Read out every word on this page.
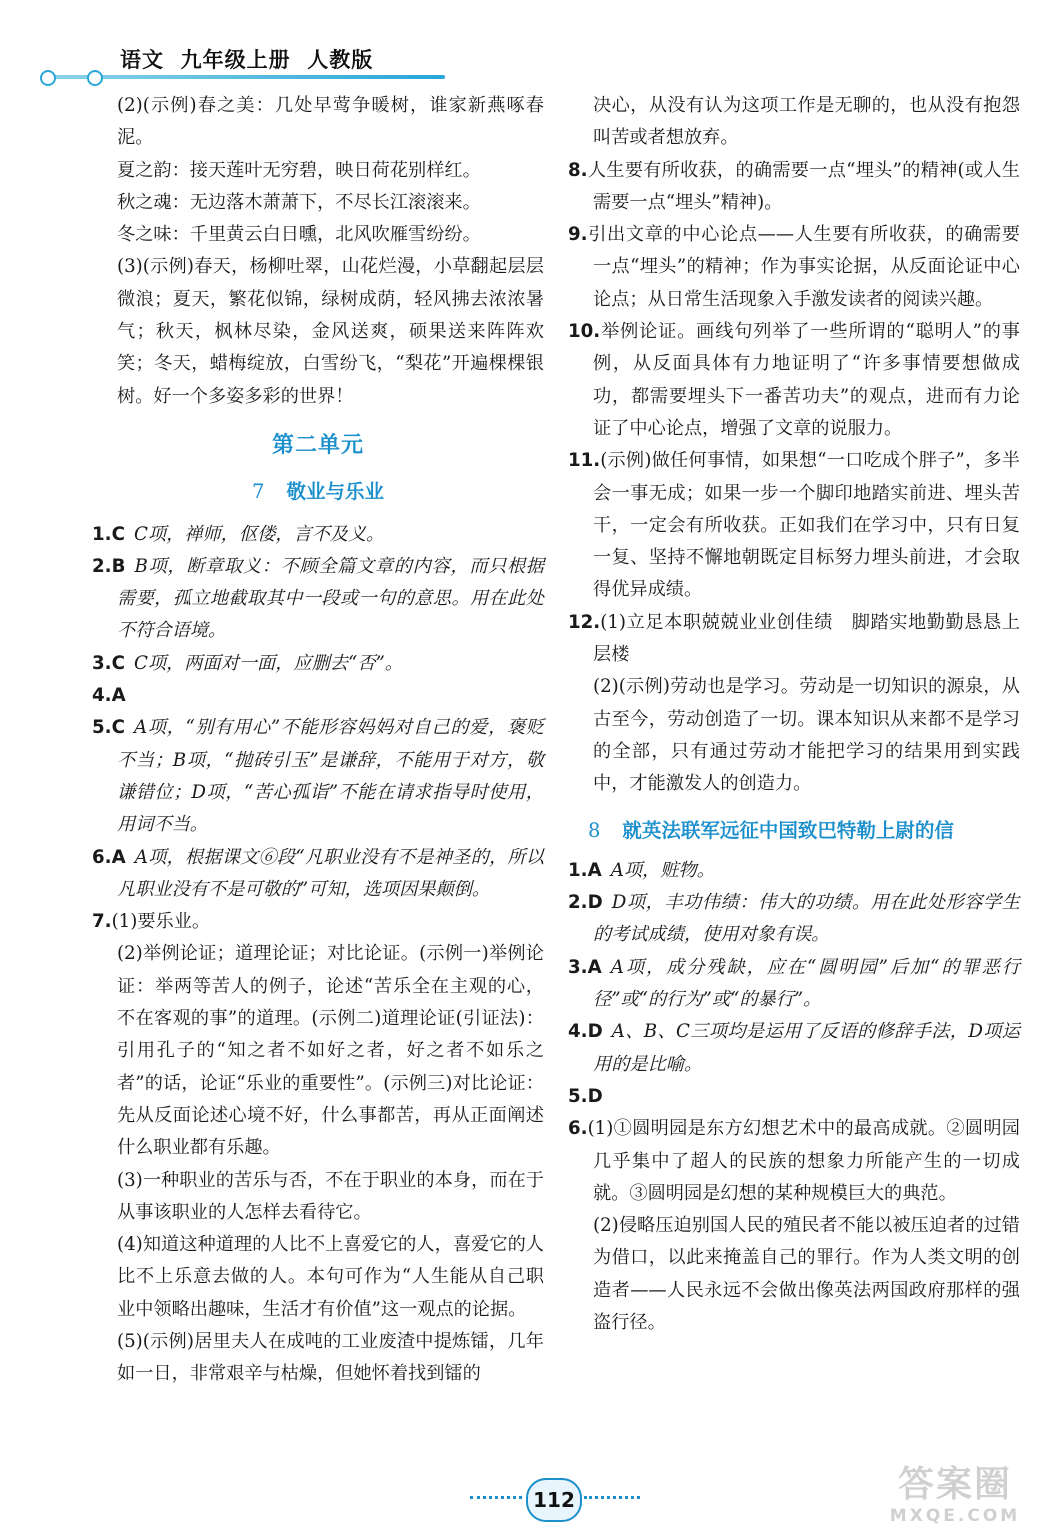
语文  九年级上册  人教版

(2)(示例)春之美：几处早莺争暖树，谁家新燕啄春泥。

夏之韵：接天莲叶无穷碧，映日荷花别样红。

秋之魂：无边落木萧萧下，不尽长江滚滚来。

冬之味：千里黄云白日曛，北风吹雁雪纷纷。

(3)(示例)春天，杨柳吐翠，山花烂漫，小草翻起层层微浪；夏天，繁花似锦，绿树成荫，轻风拂去浓浓暑气；秋天，枫林尽染，金风送爽，硕果送来阵阵欢笑；冬天，蜡梅绽放，白雪纷飞，“梨花”开遍棵棵银树。好一个多姿多彩的世界！

第二单元
7 敬业与乐业

1.C  C项，禅师，伛偻，言不及义。

2.B  B项，断章取义：不顾全篇文章的内容，而只根据需要，孤立地截取其中一段或一句的意思。用在此处不符合语境。

3.C  C项，两面对一面，应删去“否”。

4.A

5.C  A项，“别有用心”不能形容妈妈对自己的爱，褒贬不当；B项，“抛砖引玉”是谦辞，不能用于对方，敬谦错位；D项，“苦心孤诣”不能在请求指导时使用，用词不当。

6.A  A项，根据课文⑥段“凡职业没有不是神圣的，所以凡职业没有不是可敬的”可知，选项因果颠倒。

7.(1)要乐业。

(2)举例论证；道理论证；对比论证。(示例一)举例论证：举两等苦人的例子，论述“苦乐全在主观的心，不在客观的事”的道理。(示例二)道理论证(引证法)：引用孔子的“知之者不如好之者，好之者不如乐之者”的话，论证“乐业的重要性”。(示例三)对比论证：先从反面论述心境不好，什么事都苦，再从正面阐述什么职业都有乐趣。

(3)一种职业的苦乐与否，不在于职业的本身，而在于从事该职业的人怎样去看待它。

(4)知道这种道理的人比不上喜爱它的人，喜爱它的人比不上乐意去做的人。本句可作为“人生能从自己职业中领略出趣味，生活才有价值”这一观点的论据。

(5)(示例)居里夫人在成吨的工业废渣中提炼镭，几年如一日，非常艰辛与枯燥，但她怀着找到镭的

决心，从没有认为这项工作是无聊的，也从没有抱怨叫苦或者想放弃。

8.人生要有所收获，的确需要一点“埋头”的精神(或人生需要一点“埋头”精神)。

9.引出文章的中心论点——人生要有所收获，的确需要一点“埋头”的精神；作为事实论据，从反面论证中心论点；从日常生活现象入手激发读者的阅读兴趣。

10.举例论证。画线句列举了一些所谓的“聪明人”的事例，从反面具体有力地证明了“许多事情要想做成功，都需要埋头下一番苦功夫”的观点，进而有力论证了中心论点，增强了文章的说服力。

11.(示例)做任何事情，如果想“一口吃成个胖子”，多半会一事无成；如果一步一个脚印地踏实前进、埋头苦干，一定会有所收获。正如我们在学习中，只有日复一复、坚持不懈地朝既定目标努力埋头前进，才会取得优异成绩。

12.(1)立足本职兢兢业业创佳绩　脚踏实地勤勤恳恳上层楼

(2)(示例)劳动也是学习。劳动是一切知识的源泉，从古至今，劳动创造了一切。课本知识从来都不是学习的全部，只有通过劳动才能把学习的结果用到实践中，才能激发人的创造力。

8 就英法联军远征中国致巴特勒上尉的信

1.A  A项，赃物。

2.D  D项，丰功伟绩：伟大的功绩。用在此处形容学生的考试成绩，使用对象有误。

3.A  A项，成分残缺，应在“圆明园”后加“的罪恶行径”或“的行为”或“的暴行”。

4.D  A、B、C三项均是运用了反语的修辞手法，D项运用的是比喻。

5.D

6.(1)①圆明园是东方幻想艺术中的最高成就。②圆明园几乎集中了超人的民族的想象力所能产生的一切成就。③圆明园是幻想的某种规模巨大的典范。

(2)侵略压迫别国人民的殖民者不能以被压迫者的过错为借口，以此来掩盖自己的罪行。作为人类文明的创造者——人民永远不会做出像英法两国政府那样的强盗行径。

112	答案圈
MXQE.COM
